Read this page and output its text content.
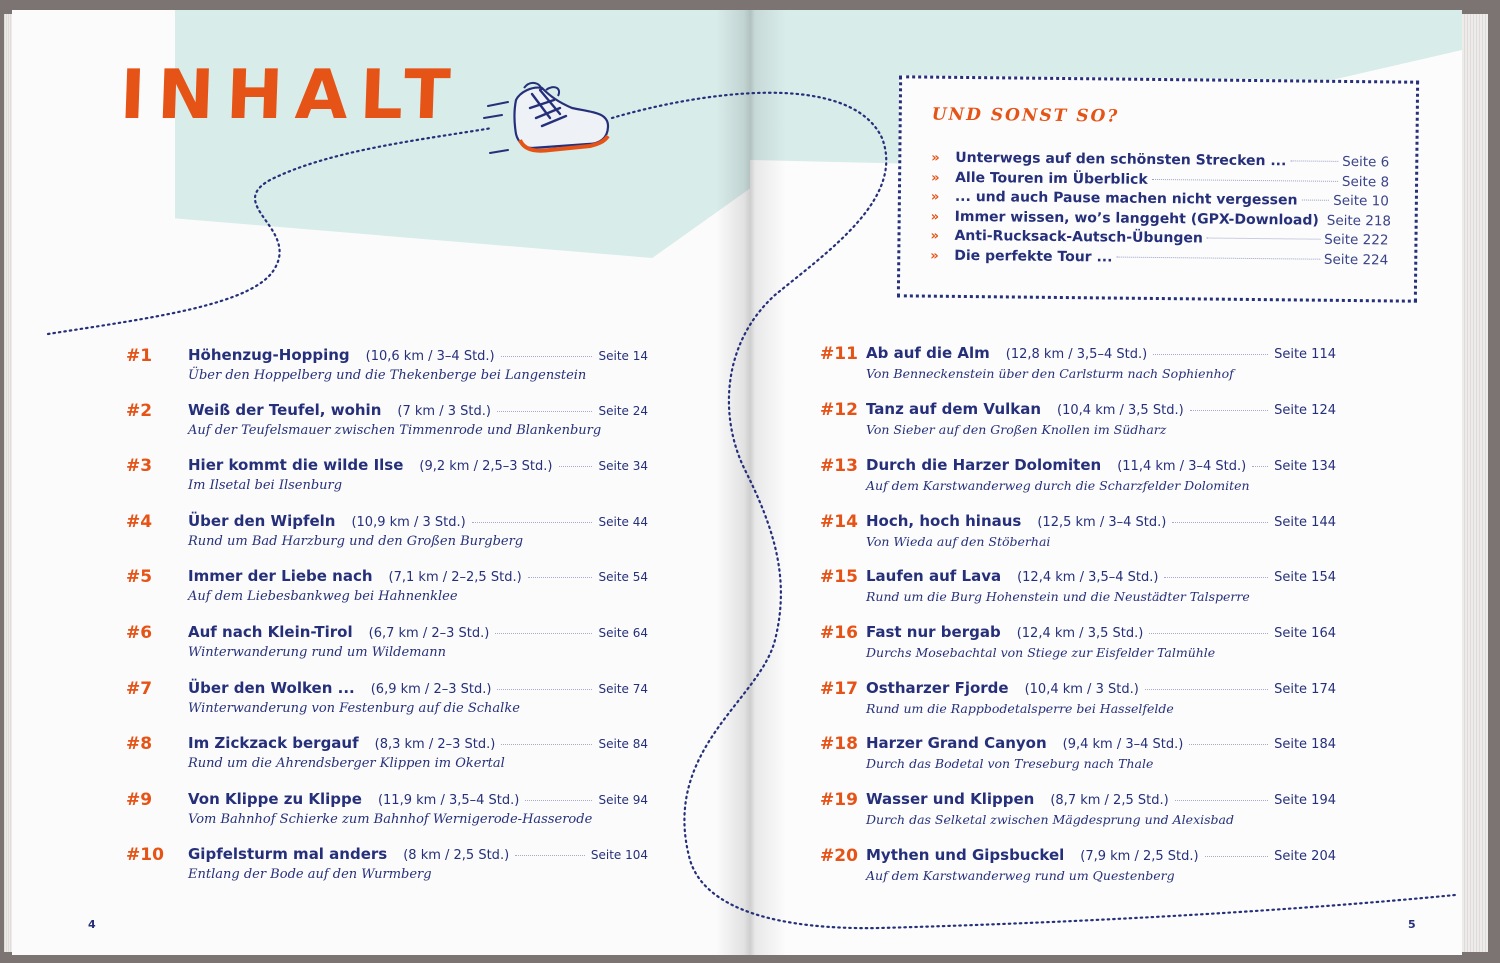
INHALT	UND SONST SO?
»	Unterwegs auf den schönsten Strecken ...	Seite 6
»	Alle Touren im Überblick	Seite 8
»	... und auch Pause machen nicht vergessen	Seite 10
»	Immer wissen, wo’s langgeht (GPX-Download) Seite 218
»	Anti-Rucksack-Autsch-Übungen	Seite 222
»	Die perfekte Tour ...	Seite 224
#1 Höhenzug-Hopping (10,6 km / 3–4 Std.)	Seite 14
Über den Hoppelberg und die Thekenberge bei Langenstein
#2 Weiß der Teufel, wohin (7 km / 3 Std.)	Seite 24
Auf der Teufelsmauer zwischen Timmenrode und Blankenburg
#3 Hier kommt die wilde Ilse (9,2 km / 2,5–3 Std.)	Seite 34
Im Ilsetal bei Ilsenburg
#4 Über den Wipfeln (10,9 km / 3 Std.)	Seite 44
Rund um Bad Harzburg und den Großen Burgberg
#5 Immer der Liebe nach (7,1 km / 2–2,5 Std.)	Seite 54
Auf dem Liebesbankweg bei Hahnenklee
#6 Auf nach Klein-Tirol (6,7 km / 2–3 Std.)	Seite 64
Winterwanderung rund um Wildemann
#7 Über den Wolken ... (6,9 km / 2–3 Std.)	Seite 74
Winterwanderung von Festenburg auf die Schalke
#8 Im Zickzack bergauf (8,3 km / 2–3 Std.)	Seite 84
Rund um die Ahrendsberger Klippen im Okertal
#9 Von Klippe zu Klippe (11,9 km / 3,5–4 Std.)	Seite 94
Vom Bahnhof Schierke zum Bahnhof Wernigerode-Hasserode
#10 Gipfelsturm mal anders (8 km / 2,5 Std.)	Seite 104
Entlang der Bode auf den Wurmberg
#11 Ab auf die Alm (12,8 km / 3,5–4 Std.)	Seite 114
Von Benneckenstein über den Carlsturm nach Sophienhof
#12 Tanz auf dem Vulkan (10,4 km / 3,5 Std.)	Seite 124
Von Sieber auf den Großen Knollen im Südharz
#13 Durch die Harzer Dolomiten (11,4 km / 3–4 Std.) Seite 134
Auf dem Karstwanderweg durch die Scharzfelder Dolomiten
#14 Hoch, hoch hinaus (12,5 km / 3–4 Std.)	Seite 144
Von Wieda auf den Stöberhai
#15 Laufen auf Lava (12,4 km / 3,5–4 Std.)	Seite 154
Rund um die Burg Hohenstein und die Neustädter Talsperre
#16 Fast nur bergab (12,4 km / 3,5 Std.)	Seite 164
Durchs Mosebachtal von Stiege zur Eisfelder Talmühle
#17 Ostharzer Fjorde (10,4 km / 3 Std.)	Seite 174
Rund um die Rappbodetalsperre bei Hasselfelde
#18 Harzer Grand Canyon (9,4 km / 3–4 Std.)	Seite 184
Durch das Bodetal von Treseburg nach Thale
#19 Wasser und Klippen (8,7 km / 2,5 Std.)	Seite 194
Durch das Selketal zwischen Mägdesprung und Alexisbad
#20 Mythen und Gipsbuckel (7,9 km / 2,5 Std.)	Seite 204
Auf dem Karstwanderweg rund um Questenberg
4	5
